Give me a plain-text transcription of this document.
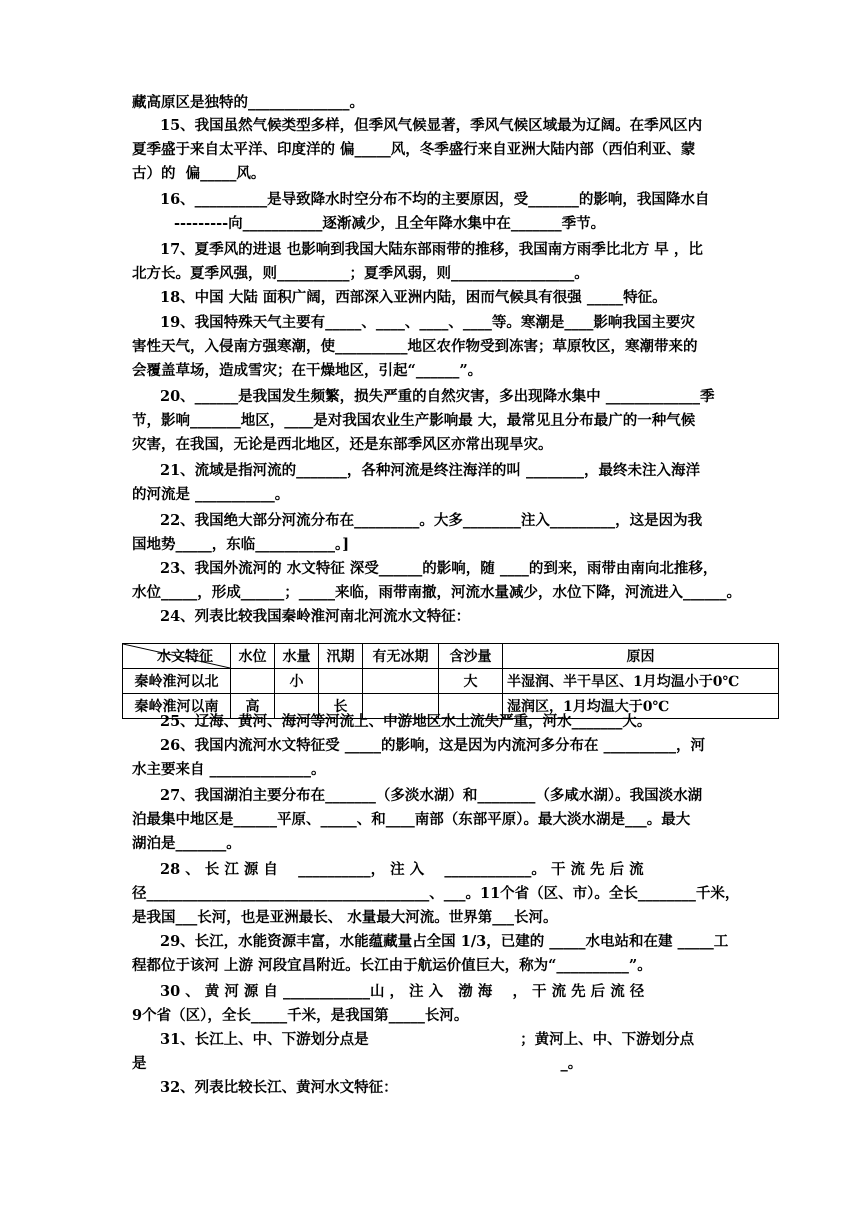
藏高原区是独特的______________。
15、我国虽然气候类型多样，但季风气候显著，季风气候区域最为辽阔。在季风区内
夏季盛于来自太平洋、印度洋的 偏_____风，冬季盛行来自亚洲大陆内部（西伯利亚、蒙
古）的  偏_____风。
16、__________是导致降水时空分布不均的主要原因，受_______的影响，我国降水自
---------向___________逐渐减少，且全年降水集中在_______季节。
17、夏季风的进退 也影响到我国大陆东部雨带的推移，我国南方雨季比北方 早 ，比
北方长。夏季风强，则__________；夏季风弱，则_________________。
18、中国 大陆 面积广阔，西部深入亚洲内陆，困而气候具有很强 _____特征。
19、我国特殊天气主要有_____、____、____、____等。寒潮是____影响我国主要灾
害性天气，入侵南方强寒潮，使__________地区农作物受到冻害；草原牧区，寒潮带来的
会覆盖草场，造成雪灾；在干燥地区，引起“______”。
20、______是我国发生频繁，损失严重的自然灾害，多出现降水集中 _____________季
节，影响_______地区，____是对我国农业生产影响最 大，最常见且分布最广的一种气候
灾害，在我国，无论是西北地区，还是东部季风区亦常出现旱灾。
21、流域是指河流的_______，各种河流是终注海洋的叫 ________，最终未注入海洋
的河流是 ___________。
22、我国绝大部分河流分布在_________。大多________注入_________，这是因为我
国地势_____，东临___________。]
23、我国外流河的 水文特征 深受______的影响，随 ____的到来，雨带由南向北推移，
水位_____，形成______；_____来临，雨带南撤，河流水量减少，水位下降，河流进入______。
24、列表比较我国秦岭淮河南北河流水文特征：
25、辽海、黄河、海河等河流上、中游地区水土流失严重，河水_______大。
26、我国内流河水文特征受 _____的影响，这是因为内流河多分布在 __________，河
水主要来自 ______________。
27、我国湖泊主要分布在_______（多淡水湖）和________（多咸水湖）。我国淡水湖
泊最集中地区是______平原、_____、和____南部（东部平原）。最大淡水湖是___。最大
湖泊是_______。
28 、 长 江 源 自    __________， 注 入    ____________。 干 流 先 后 流
径_______________________________________、___。11个省（区、市）。全长________千米，
是我国___长河，也是亚洲最长、 水量最大河流。世界第___长河。
29、长江，水能资源丰富，水能蕴藏量占全国 1/3，已建的 _____水电站和在建 _____工
程都位于该河 上游 河段宜昌附近。长江由于航运价值巨大，称为“__________”。
30 、 黄 河 源 自 ____________山 ， 注 入   渤 海    ， 干 流 先 后 流 径
9个省（区），全长_____千米，是我国第_____长河。
31、长江上、中、下游划分点是                              ；黄河上、中、下游划分点
是                                                                                  _。
32、列表比较长江、黄河水文特征：
水文特征	水位	水量	汛期	有无冰期	含沙量	原因
秦岭淮河以北		小			大	半湿润、半干旱区、1月均温小于0℃
秦岭淮河以南	高		长			湿润区，1月均温大于0℃
